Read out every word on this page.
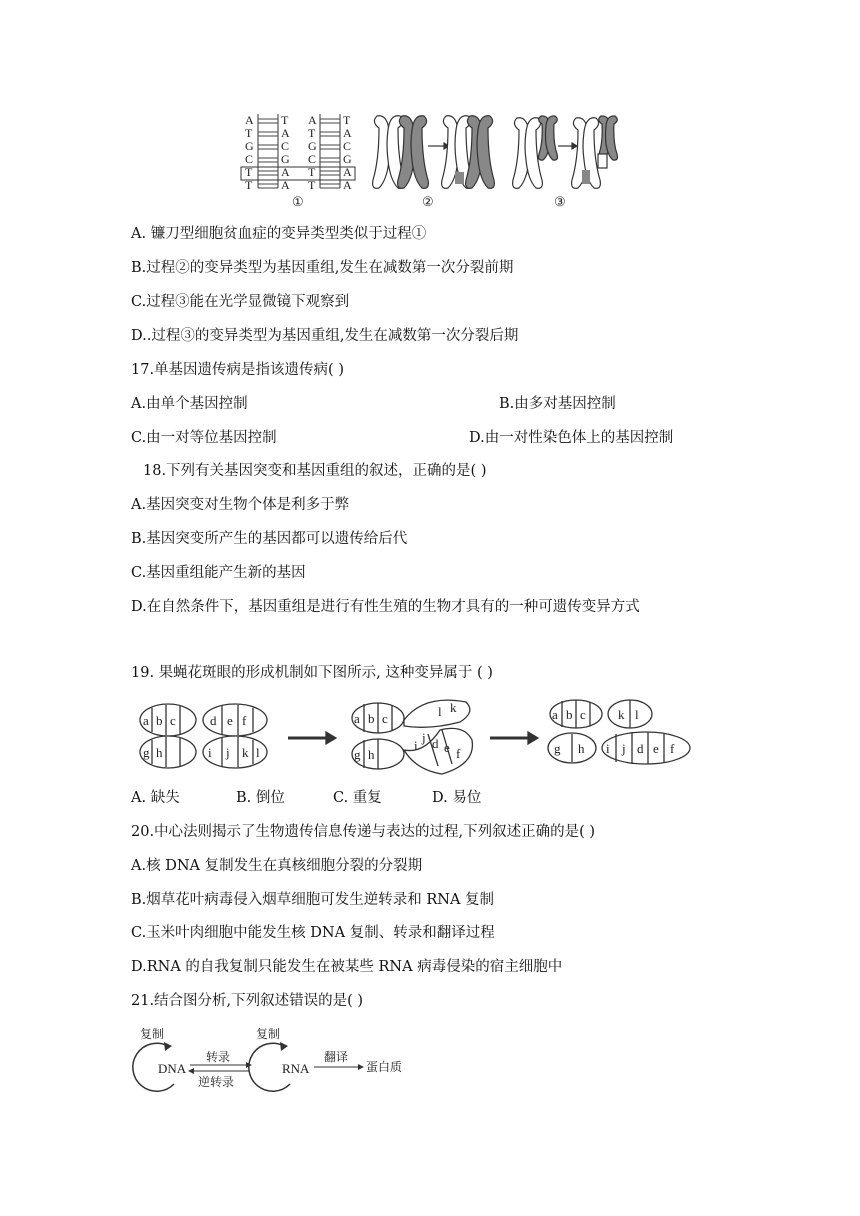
A
T
G
C
T
T
T
A
C
G
A
A
A
T
G
C
T
T
T
A
C
G
A
A
①	②	③
A. 镰刀型细胞贫血症的变异类型类似于过程①
B.过程②的变异类型为基因重组,发生在减数第一次分裂前期
C.过程③能在光学显微镜下观察到
D..过程③的变异类型为基因重组,发生在减数第一次分裂后期
17.单基因遗传病是指该遗传病( )
A.由单个基因控制	B.由多对基因控制
C.由一对等位基因控制	D.由一对性染色体上的基因控制
18.下列有关基因突变和基因重组的叙述，正确的是( )
A.基因突变对生物个体是利多于弊
B.基因突变所产生的基因都可以遗传给后代
C.基因重组能产生新的基因
D.在自然条件下，基因重组是进行有性生殖的生物才具有的一种可遗传变异方式
19. 果蝇花斑眼的形成机制如下图所示, 这种变异属于 ( )
a b c	d e f
g h	i j k l
a b c	l k
g h
i
j d e f
a b c k l
g h i j d e f
A. 缺失	B. 倒位	C. 重复	D. 易位
20.中心法则揭示了生物遗传信息传递与表达的过程,下列叙述正确的是( )
A.核 DNA 复制发生在真核细胞分裂的分裂期
B.烟草花叶病毒侵入烟草细胞可发生逆转录和 RNA 复制
C.玉米叶肉细胞中能发生核 DNA 复制、转录和翻译过程
D.RNA 的自我复制只能发生在被某些 RNA 病毒侵染的宿主细胞中
21.结合图分析,下列叙述错误的是( )
复制
DNA
转录
逆转录
复制
RNA
翻译
蛋白质
